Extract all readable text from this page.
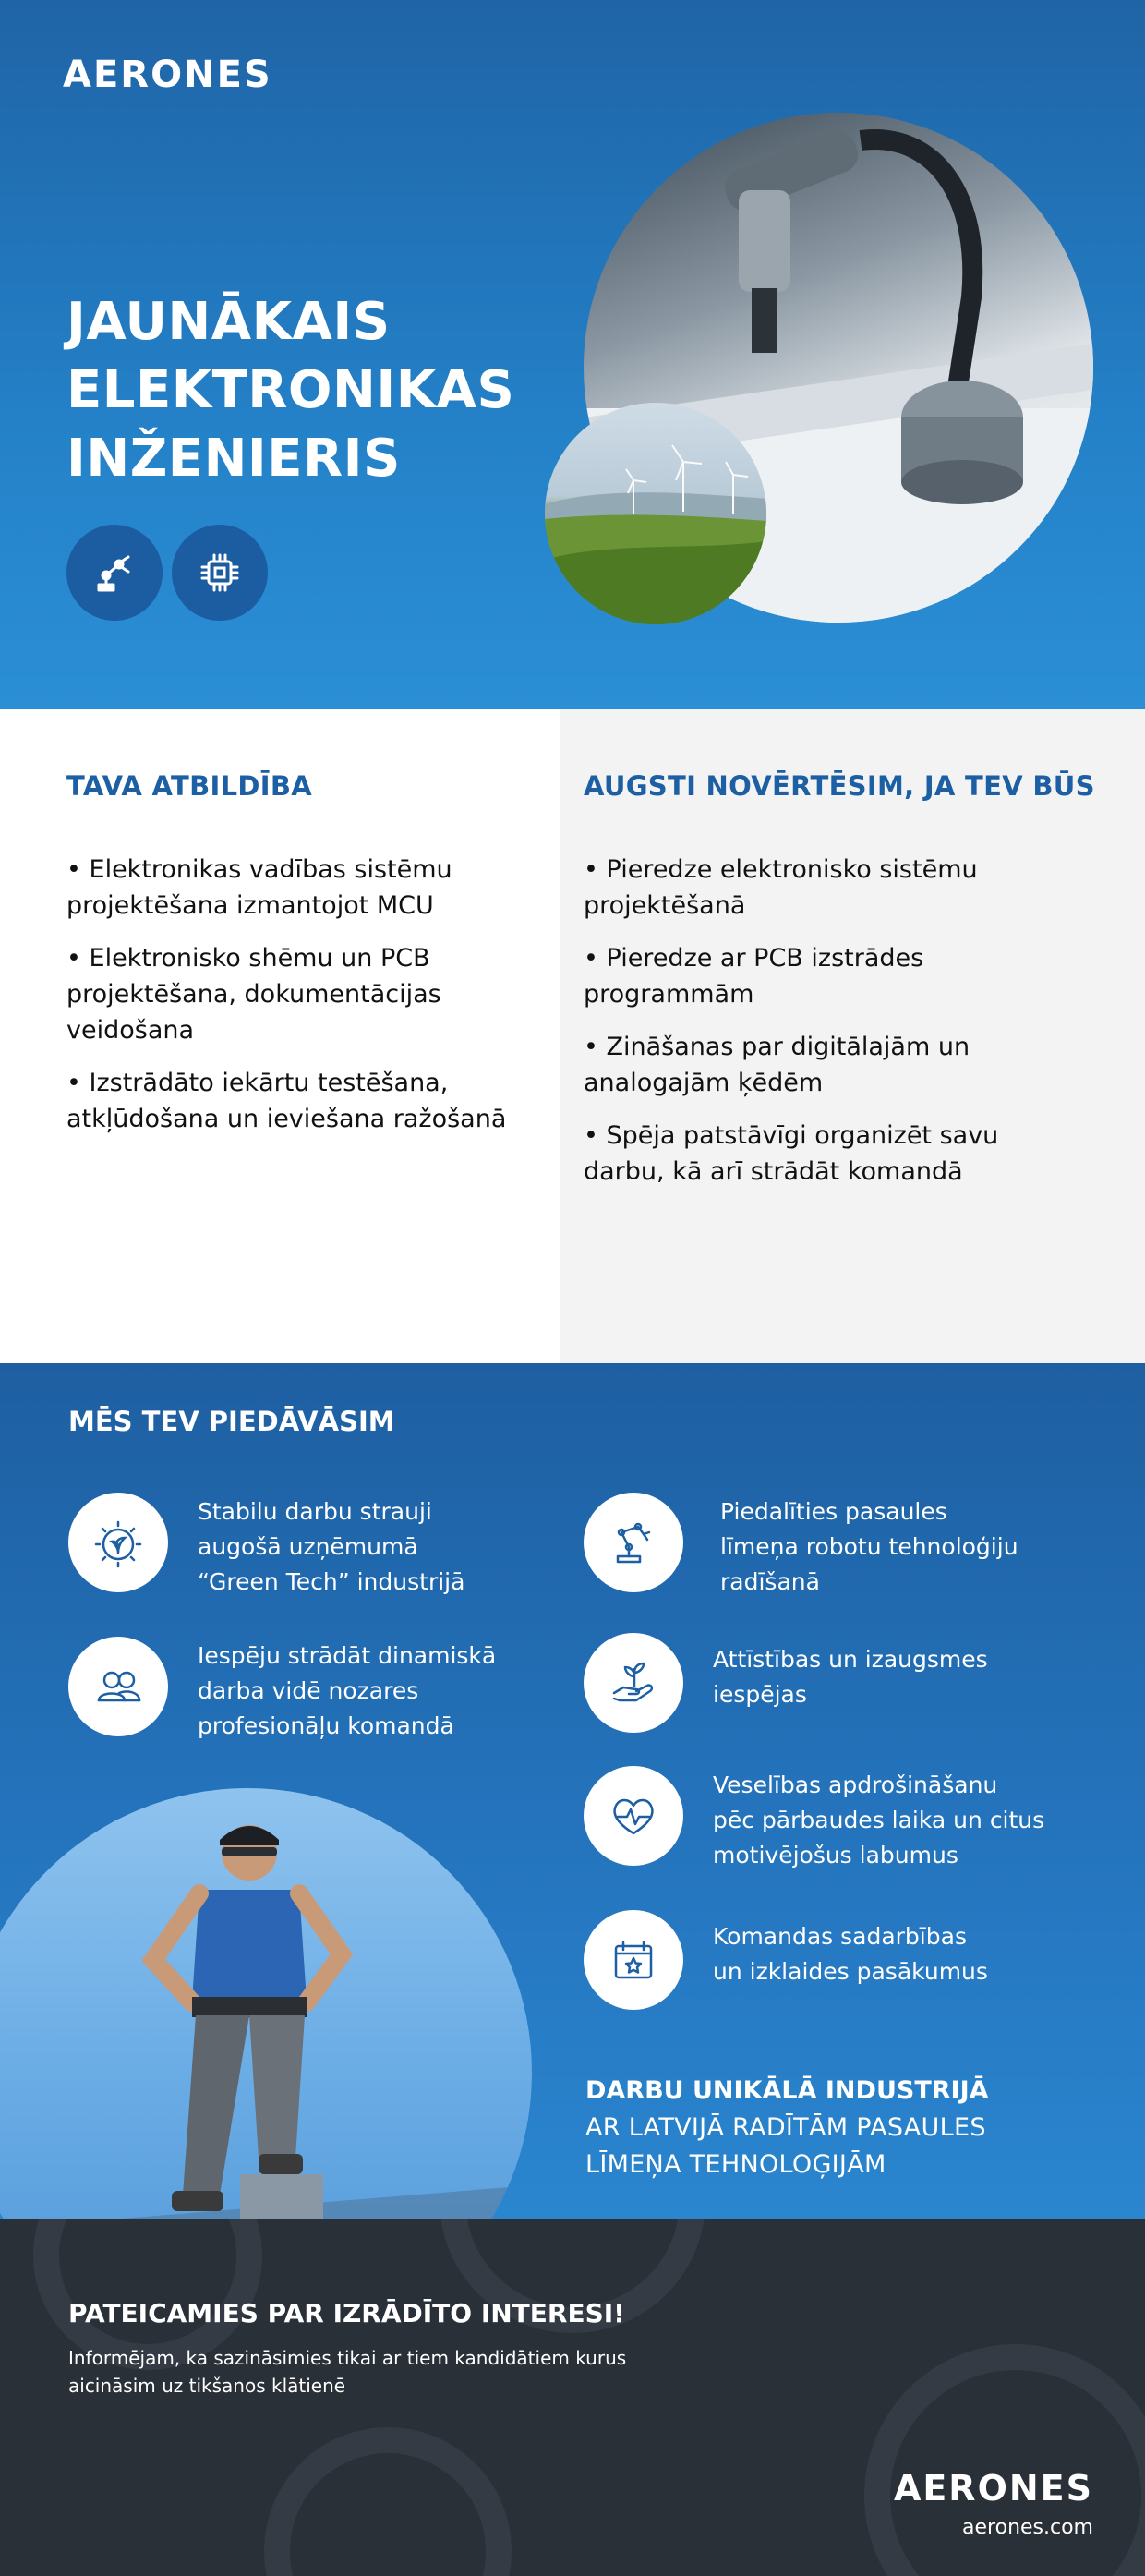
AERONES
JAUNĀKAIS
ELEKTRONIKAS
INŽENIERIS
TAVA ATBILDĪBA
• Elektronikas vadības sistēmu projektēšana izmantojot MCU
• Elektronisko shēmu un PCB projektēšana, dokumentācijas veidošana
• Izstrādāto iekārtu testēšana, atkļūdošana un ieviešana ražošanā
AUGSTI NOVĒRTĒSIM, JA TEV BŪS
• Pieredze elektronisko sistēmu projektēšanā
• Pieredze ar PCB izstrādes programmām
• Zināšanas par digitālajām un analogajām ķēdēm
• Spēja patstāvīgi organizēt savu darbu, kā arī strādāt komandā
MĒS TEV PIEDĀVĀSIM
Stabilu darbu strauji
augošā uzņēmumā
“Green Tech” industrijā
Iespēju strādāt dinamiskā
darba vidē nozares
profesionāļu komandā
Piedalīties pasaules
līmeņa robotu tehnoloģiju
radīšanā
Attīstības un izaugsmes
iespējas
Veselības apdrošināšanu
pēc pārbaudes laika un citus
motivējošus labumus
Komandas sadarbības
un izklaides pasākumus
DARBU UNIKĀLĀ INDUSTRIJĀ
AR LATVIJĀ RADĪTĀM PASAULES
LĪMEŅA TEHNOLOĢIJĀM
PATEICAMIES PAR IZRĀDĪTO INTERESI!
Informējam, ka sazināsimies tikai ar tiem kandidātiem kurus
aicināsim uz tikšanos klātienē
AERONES
aerones.com
